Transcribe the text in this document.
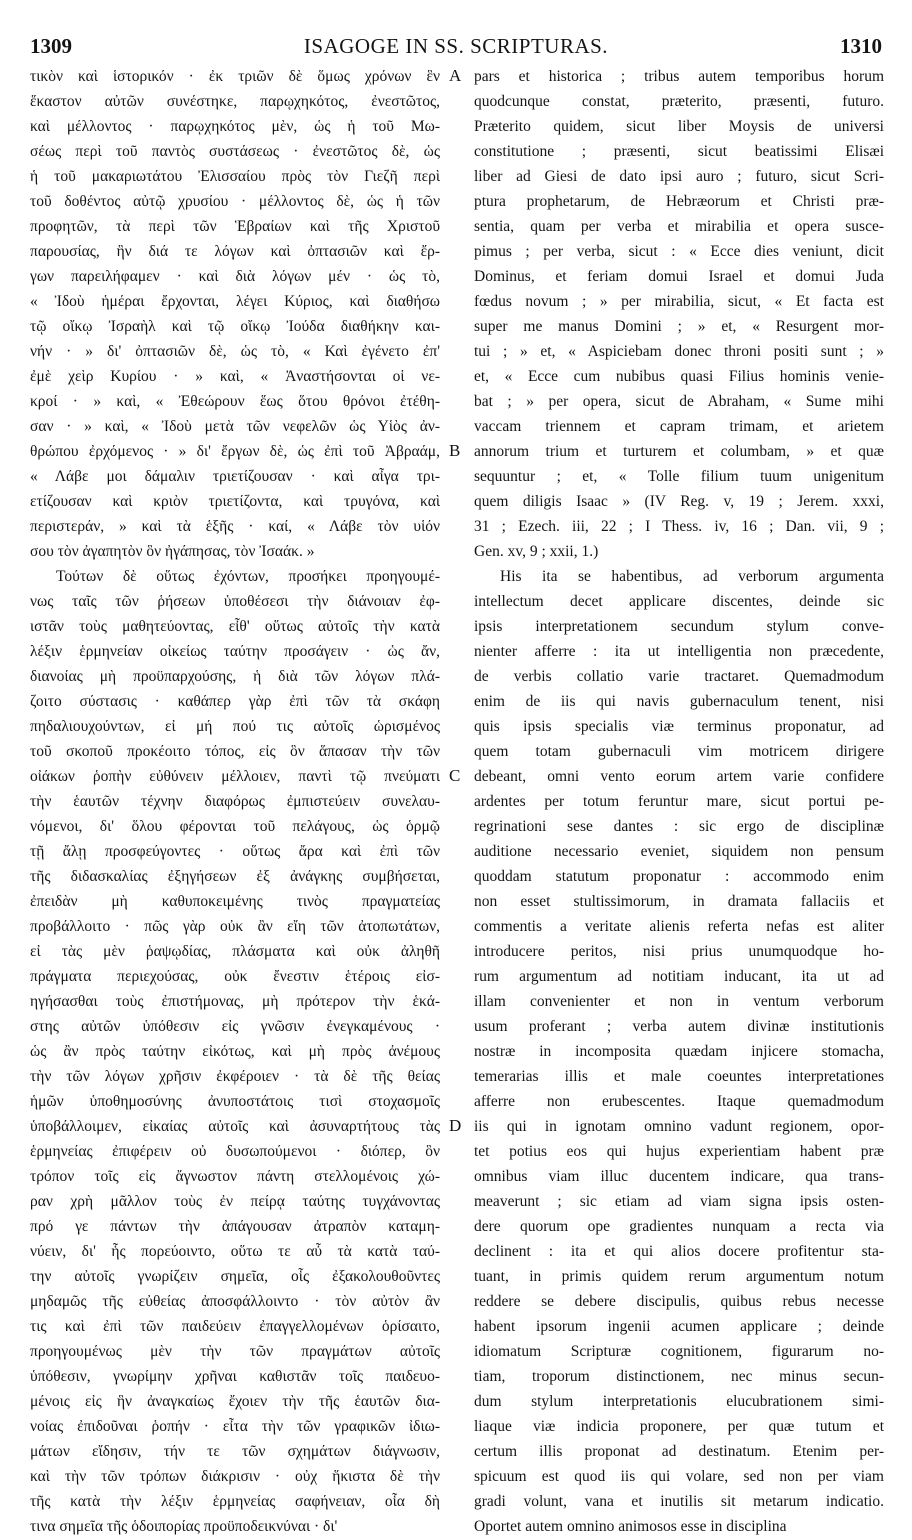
1309	ISAGOGE IN SS. SCRIPTURAS.	1310
τικὸν καὶ ἱστορικόν · ἐκ τριῶν δὲ ὅμως χρόνων ἓν
ἕκαστον αὐτῶν συνέστηκε, παρῳχηκότος, ἐνεστῶτος,
καὶ μέλλοντος · παρῳχηκότος μὲν, ὡς ἡ τοῦ Μω-
σέως περὶ τοῦ παντὸς συστάσεως · ἐνεστῶτος δὲ, ὡς
ἡ τοῦ μακαριωτάτου Ἐλισσαίου πρὸς τὸν Γιεζῆ περὶ
τοῦ δοθέντος αὐτῷ χρυσίου · μέλλοντος δὲ, ὡς ἡ τῶν
προφητῶν, τὰ περὶ τῶν Ἑβραίων καὶ τῆς Χριστοῦ
παρουσίας, ἣν διά τε λόγων καὶ ὀπτασιῶν καὶ ἔρ-
γων παρειλήφαμεν · καὶ διὰ λόγων μέν · ὡς τὸ,
« Ἰδοὺ ἡμέραι ἔρχονται, λέγει Κύριος, καὶ διαθήσω
τῷ οἴκῳ Ἰσραὴλ καὶ τῷ οἴκῳ Ἰούδα διαθήκην και-
νήν · » δι' ὀπτασιῶν δὲ, ὡς τὸ, « Καὶ ἐγένετο ἐπ'
ἐμὲ χεὶρ Κυρίου · » καὶ, « Ἀναστήσονται οἱ νε-
κροί · » καὶ, « Ἐθεώρουν ἕως ὅτου θρόνοι ἐτέθη-
σαν · » καὶ, « Ἰδοὺ μετὰ τῶν νεφελῶν ὡς Υἱὸς ἀν-
θρώπου ἐρχόμενος · » δι' ἔργων δὲ, ὡς ἐπὶ τοῦ Ἀβραάμ,
« Λάβε μοι δάμαλιν τριετίζουσαν · καὶ αἶγα τρι-
ετίζουσαν καὶ κριὸν τριετίζοντα, καὶ τρυγόνα, καὶ
περιστεράν, » καὶ τὰ ἑξῆς · καί, « Λάβε τὸν υἱόν
σου τὸν ἀγαπητὸν ὃν ἠγάπησας, τὸν Ἰσαάκ. »
Τούτων δὲ οὕτως ἐχόντων, προσήκει προηγουμέ-
νως ταῖς τῶν ῥήσεων ὑποθέσεσι τὴν διάνοιαν ἐφ-
ιστᾶν τοὺς μαθητεύοντας, εἶθ' οὕτως αὐτοῖς τὴν κατὰ
λέξιν ἑρμηνείαν οἰκείως ταύτην προσάγειν · ὡς ἄν,
διανοίας μὴ προϋπαρχούσης, ἡ διὰ τῶν λόγων πλά-
ζοιτο σύστασις · καθάπερ γὰρ ἐπὶ τῶν τὰ σκάφη
πηδαλιουχούντων, εἰ μή πού τις αὐτοῖς ὡρισμένος
τοῦ σκοποῦ προκέοιτο τόπος, εἰς ὃν ἅπασαν τὴν τῶν
οἰάκων ῥοπὴν εὐθύνειν μέλλοιεν, παντὶ τῷ πνεύματι
τὴν ἑαυτῶν τέχνην διαφόρως ἐμπιστεύειν συνελαυ-
νόμενοι, δι' ὅλου φέρονται τοῦ πελάγους, ὡς ὁρμῷ
τῇ ἄλῃ προσφεύγοντες · οὕτως ἄρα καὶ ἐπὶ τῶν
τῆς διδασκαλίας ἐξηγήσεων ἐξ ἀνάγκης συμβήσεται,
ἐπειδὰν μὴ καθυποκειμένης τινὸς πραγματείας
προβάλλοιτο · πῶς γὰρ οὐκ ἂν εἴη τῶν ἀτοπωτάτων,
εἰ τὰς μὲν ῥαψῳδίας, πλάσματα καὶ οὐκ ἀληθῆ
πράγματα περιεχούσας, οὐκ ἔνεστιν ἑτέροις εἰσ-
ηγήσασθαι τοὺς ἐπιστήμονας, μὴ πρότερον τὴν ἑκά-
στης αὐτῶν ὑπόθεσιν εἰς γνῶσιν ἐνεγκαμένους ·
ὡς ἂν πρὸς ταύτην εἰκότως, καὶ μὴ πρὸς ἀνέμους
τὴν τῶν λόγων χρῆσιν ἐκφέροιεν · τὰ δὲ τῆς θείας
ἡμῶν ὑποθημοσύνης ἀνυποστάτοις τισὶ στοχασμοῖς
ὑποβάλλοιμεν, εἰκαίας αὐτοῖς καὶ ἀσυναρτήτους τὰς
ἑρμηνείας ἐπιφέρειν οὐ δυσωπούμενοι · διόπερ, ὃν
τρόπον τοῖς εἰς ἄγνωστον πάντη στελλομένοις χώ-
ραν χρὴ μᾶλλον τοὺς ἐν πείρᾳ ταύτης τυγχάνοντας
πρό γε πάντων τὴν ἀπάγουσαν ἀτραπὸν καταμη-
νύειν, δι' ἧς πορεύοιντο, οὕτω τε αὖ τὰ κατὰ ταύ-
την αὐτοῖς γνωρίζειν σημεῖα, οἷς ἐξακολουθοῦντες
μηδαμῶς τῆς εὐθείας ἀποσφάλλοιντο · τὸν αὐτὸν ἂν
τις καὶ ἐπὶ τῶν παιδεύειν ἐπαγγελλομένων ὁρίσαιτο,
προηγουμένως μὲν τὴν τῶν πραγμάτων αὐτοῖς
ὑπόθεσιν, γνωρίμην χρῆναι καθιστᾶν τοῖς παιδευο-
μένοις εἰς ἣν ἀναγκαίως ἔχοιεν τὴν τῆς ἑαυτῶν δια-
νοίας ἐπιδοῦναι ῥοπήν · εἶτα τὴν τῶν γραφικῶν ἰδιω-
μάτων εἴδησιν, τήν τε τῶν σχημάτων διάγνωσιν,
καὶ τὴν τῶν τρόπων διάκρισιν · οὐχ ἥκιστα δὲ τὴν
τῆς κατὰ τὴν λέξιν ἑρμηνείας σαφήνειαν, οἷα δὴ
τινα σημεῖα τῆς ὁδοιπορίας προϋποδεικνύναι · δι'
pars et historica ; tribus autem temporibus horum
quodcunque constat, præterito, præsenti, futuro.
Præterito quidem, sicut liber Moysis de universi
constitutione ; præsenti, sicut beatissimi Elisæi
liber ad Giesi de dato ipsi auro ; futuro, sicut Scri-
ptura prophetarum, de Hebræorum et Christi præ-
sentia, quam per verba et mirabilia et opera susce-
pimus ; per verba, sicut : « Ecce dies veniunt, dicit
Dominus, et feriam domui Israel et domui Juda
fœdus novum ; » per mirabilia, sicut, « Et facta est
super me manus Domini ; » et, « Resurgent mor-
tui ; » et, « Aspiciebam donec throni positi sunt ; »
et, « Ecce cum nubibus quasi Filius hominis venie-
bat ; » per opera, sicut de Abraham, « Sume mihi
vaccam triennem et capram trimam, et arietem
annorum trium et turturem et columbam, » et quæ
sequuntur ; et, « Tolle filium tuum unigenitum
quem diligis Isaac » (IV Reg. v, 19 ; Jerem. xxxi,
31 ; Ezech. iii, 22 ; I Thess. iv, 16 ; Dan. vii, 9 ;
Gen. xv, 9 ; xxii, 1.)
His ita se habentibus, ad verborum argumenta
intellectum decet applicare discentes, deinde sic
ipsis interpretationem secundum stylum conve-
nienter afferre : ita ut intelligentia non præcedente,
de verbis collatio varie tractaret. Quemadmodum
enim de iis qui navis gubernaculum tenent, nisi
quis ipsis specialis viæ terminus proponatur, ad
quem totam gubernaculi vim motricem dirigere
debeant, omni vento eorum artem varie confidere
ardentes per totum feruntur mare, sicut portui pe-
regrinationi sese dantes : sic ergo de disciplinæ
auditione necessario eveniet, siquidem non pensum
quoddam statutum proponatur : accommodo enim
non esset stultissimorum, in dramata fallaciis et
commentis a veritate alienis referta nefas est aliter
introducere peritos, nisi prius unumquodque ho-
rum argumentum ad notitiam inducant, ita ut ad
illam convenienter et non in ventum verborum
usum proferant ; verba autem divinæ institutionis
nostræ in incomposita quædam injicere stomacha,
temerarias illis et male coeuntes interpretationes
afferre non erubescentes. Itaque quemadmodum
iis qui in ignotam omnino vadunt regionem, opor-
tet potius eos qui hujus experientiam habent præ
omnibus viam illuc ducentem indicare, qua trans-
meaverunt ; sic etiam ad viam signa ipsis osten-
dere quorum ope gradientes nunquam a recta via
declinent : ita et qui alios docere profitentur sta-
tuant, in primis quidem rerum argumentum notum
reddere se debere discipulis, quibus rebus necesse
habent ipsorum ingenii acumen applicare ; deinde
idiomatum Scripturæ cognitionem, figurarum no-
tiam, troporum distinctionem, nec minus secun-
dum stylum interpretationis elucubrationem simi-
liaque viæ indicia proponere, per quæ tutum et
certum illis proponat ad destinatum. Etenim per-
spicuum est quod iis qui volare, sed non per viam
gradi volunt, vana et inutilis sit metarum indicatio.
Oportet autem omnino animosos esse in disciplina
A
B
C
D
